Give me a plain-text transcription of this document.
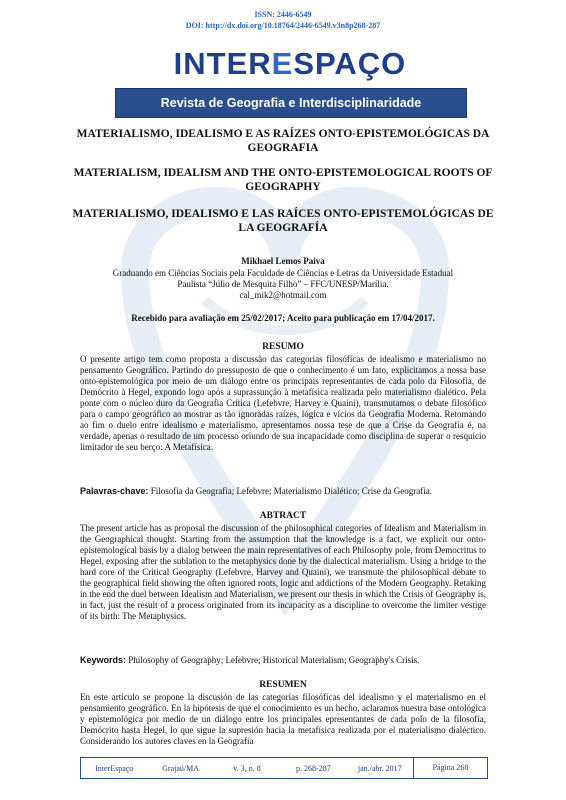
ISSN: 2446-6549
DOI: http://dx.doi.org/10.18764/2446-6549.v3n8p268-287
INTERESPAÇO
Revista de Geografia e Interdisciplinaridade
MATERIALISMO, IDEALISMO E AS RAÍZES ONTO-EPISTEMOLÓGICAS DA GEOGRAFIA
MATERIALISM, IDEALISM AND THE ONTO-EPISTEMOLOGICAL ROOTS OF GEOGRAPHY
MATERIALISMO, IDEALISMO E LAS RAÍCES ONTO-EPISTEMOLÓGICAS DE LA GEOGRAFÍA
Mikhael Lemos Paiva
Graduando em Ciências Sociais pela Faculdade de Ciências e Letras da Universidade Estadual
Paulista “Júlio de Mesquita Filho” – FFC/UNESP/Marília.
cal_mik2@hotmail.com
Recebido para avaliação em 25/02/2017; Aceito para publicação em 17/04/2017.
RESUMO
O presente artigo tem como proposta a discussão das categorias filosóficas de idealismo e materialismo no pensamento Geográfico. Partindo do pressuposto de que o conhecimento é um fato, explicitamos a nossa base onto-epistemológica por meio de um diálogo entre os principais representantes de cada polo da Filosofia, de Demócrito à Hegel, expondo logo após a suprassunção à metafísica realizada pelo materialismo dialético. Pela ponte com o núcleo duro da Geografia Crítica (Lefebvre, Harvey e Quaini), transmutamos o debate filosófico para o campo geográfico ao mostrar as tão ignoradas raízes, lógica e vícios da Geografia Moderna. Retomando ao fim o duelo entre idealismo e materialismo, apresentamos nossa tese de que a Crise da Geografia é, na verdade, apenas o resultado de um processo oriundo de sua incapacidade como disciplina de superar o resquício limitador de seu berço: A Metafísica.
Palavras-chave: Filosofia da Geografia; Lefebvre; Materialismo Dialético; Crise da Geografia.
ABTRACT
The present article has as proposal the discussion of the philosophical categories of Idealism and Materialism in the Geographical thought. Starting from the assumption that the knowledge is a fact, we explicit our onto-epistemological basis by a dialog between the main representatives of each Philosophy pole, from Democritus to Hegel, exposing after the sublation to the metaphysics done by the dialectical materialism. Using a bridge to the hard core of the Critical Geography (Lefebvre, Harvey and Quaini), we transmute the philosophical debate to the geographical field showing the often ignored roots, logic and addictions of the Modern Geography. Retaking in the end the duel between Idealism and Materialism, we present our thesis in which the Crisis of Geography is, in fact, just the result of a process originated from its incapacity as a discipline to overcome the limiter vestige of its birth: The Metaphysics.
Keywords: Philosophy of Geography; Lefebvre; Historical Materialism; Geography's Crisis.
RESUMEN
En este artículo se propone la discusión de las categorías filosóficas del idealismo y el materialismo en el pensamiento geográfico. En la hipótesis de que el conocimiento es un hecho, aclaramos nuestra base ontológica y epistemológica por medio de un diálogo entre los principales epresentantes de cada polo de la filosofía, Demócrito hasta Hegel, lo que sigue la supresión hacia la metafísica realizada por el materialismo dialéctico. Considerando los autores claves en la Geografía
InterEspaço	Grajaú/MA	v. 3, n. 8	p. 268-287	jan./abr. 2017	Página 268
